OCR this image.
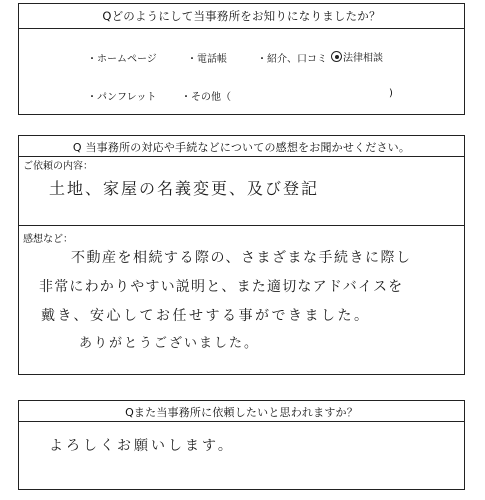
Qどのようにして当事務所をお知りになりましたか？
・ホームページ	・電話帳	・紹介、口コミ	法律相談
・パンフレット ・その他（	)
Q 当事務所の対応や手続などについての感想をお聞かせください。
ご依頼の内容：
土地、家屋の名義変更、及び登記
感想など：
不動産を相続する際の、さまざまな手続きに際し
非常にわかりやすい説明と、また適切なアドバイスを
戴き、安心してお任せする事ができました。
ありがとうございました。
Qまた当事務所に依頼したいと思われますか？
よろしくお願いします。
